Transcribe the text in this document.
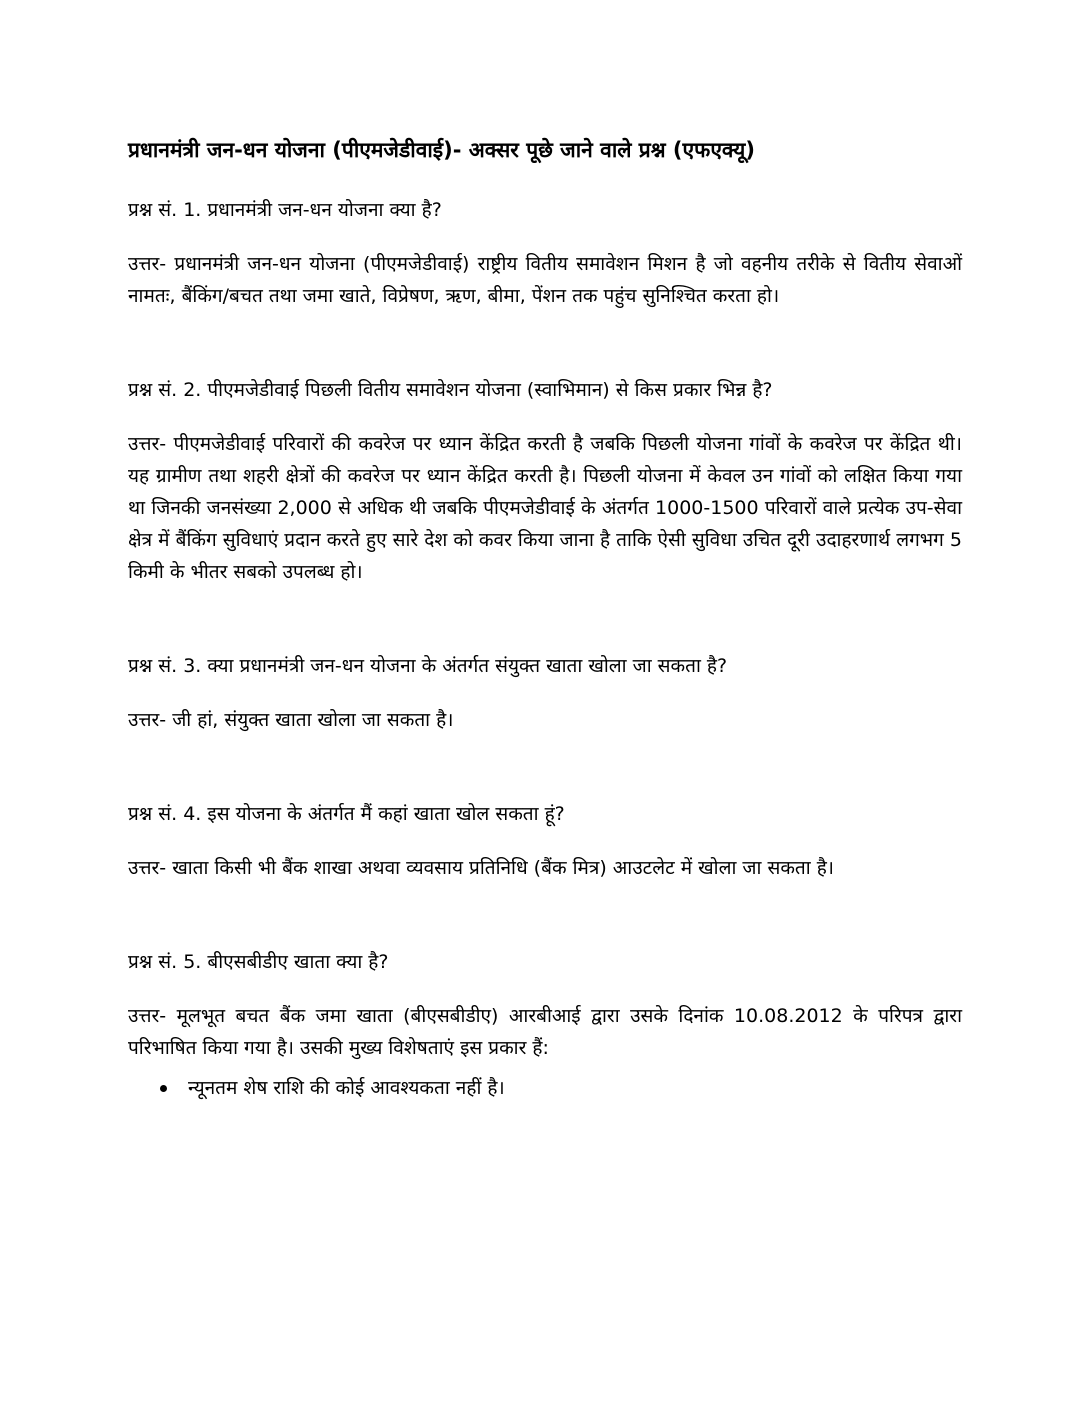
प्रधानमंत्री जन-धन योजना (पीएमजेडीवाई)- अक्सर पूछे जाने वाले प्रश्न (एफएक्यू)

प्रश्न सं. 1. प्रधानमंत्री जन-धन योजना क्या है?

उत्तर- प्रधानमंत्री जन-धन योजना (पीएमजेडीवाई) राष्ट्रीय वितीय समावेशन मिशन है जो वहनीय तरीके से वितीय सेवाओं नामतः, बैंकिंग/बचत तथा जमा खाते, विप्रेषण, ऋण, बीमा, पेंशन तक पहुंच सुनिश्चित करता हो।

प्रश्न सं. 2. पीएमजेडीवाई पिछली वितीय समावेशन योजना (स्वाभिमान) से किस प्रकार भिन्न है?

उत्तर- पीएमजेडीवाई परिवारों की कवरेज पर ध्यान केंद्रित करती है जबकि पिछली योजना गांवों के कवरेज पर केंद्रित थी। यह ग्रामीण तथा शहरी क्षेत्रों की कवरेज पर ध्यान केंद्रित करती है। पिछली योजना में केवल उन गांवों को लक्षित किया गया था जिनकी जनसंख्या 2,000 से अधिक थी जबकि पीएमजेडीवाई के अंतर्गत 1000-1500 परिवारों वाले प्रत्येक उप-सेवा क्षेत्र में बैंकिंग सुविधाएं प्रदान करते हुए सारे देश को कवर किया जाना है ताकि ऐसी सुविधा उचित दूरी उदाहरणार्थ लगभग 5 किमी के भीतर सबको उपलब्ध हो।

प्रश्न सं. 3. क्या प्रधानमंत्री जन-धन योजना के अंतर्गत संयुक्त खाता खोला जा सकता है?

उत्तर- जी हां, संयुक्त खाता खोला जा सकता है।

प्रश्न सं. 4. इस योजना के अंतर्गत मैं कहां खाता खोल सकता हूं?

उत्तर- खाता किसी भी बैंक शाखा अथवा व्यवसाय प्रतिनिधि (बैंक मित्र) आउटलेट में खोला जा सकता है।

प्रश्न सं. 5. बीएसबीडीए खाता क्या है?

उत्तर- मूलभूत बचत बैंक जमा खाता (बीएसबीडीए) आरबीआई द्वारा उसके दिनांक 10.08.2012 के परिपत्र द्वारा परिभाषित किया गया है। उसकी मुख्य विशेषताएं इस प्रकार हैं:

न्यूनतम शेष राशि की कोई आवश्यकता नहीं है।
